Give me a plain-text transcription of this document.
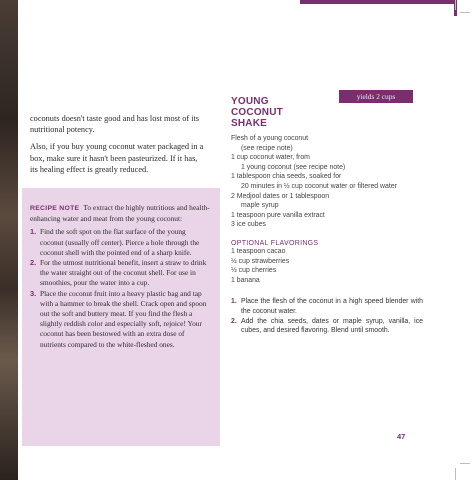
coconuts doesn't taste good and has lost most of its nutritional potency.

Also, if you buy young coconut water packaged in a box, make sure it hasn't been pasteurized. If it has, its healing effect is greatly reduced.

RECIPE NOTE To extract the highly nutritious and health-enhancing water and meat from the young coconut:

1. Find the soft spot on the flat surface of the young coconut (usually off center). Pierce a hole through the coconut shell with the pointed end of a sharp knife.
2. For the utmost nutritional benefit, insert a straw to drink the water straight out of the coconut shell. For use in smoothies, pour the water into a cup.
3. Place the coconut fruit into a heavy plastic bag and tap with a hammer to break the shell. Crack open and spoon out the soft and buttery meat. If you find the flesh a slightly reddish color and especially soft, rejoice! Your coconut has been bestowed with an extra dose of nutrients compared to the white-fleshed ones.
yields 2 cups
YOUNG COCONUT SHAKE
Flesh of a young coconut
(see recipe note)
1 cup coconut water, from
1 young coconut (see recipe note)
1 tablespoon chia seeds, soaked for
20 minutes in ½ cup coconut water or filtered water
2 Medjool dates or 1 tablespoon
maple syrup
1 teaspoon pure vanilla extract
3 ice cubes
OPTIONAL FLAVORINGS
1 teaspoon cacao
½ cup strawberries
½ cup cherries
1 banana
1. Place the flesh of the coconut in a high speed blender with the coconut water.
2. Add the chia seeds, dates or maple syrup, vanilla, ice cubes, and desired flavoring. Blend until smooth.
47
